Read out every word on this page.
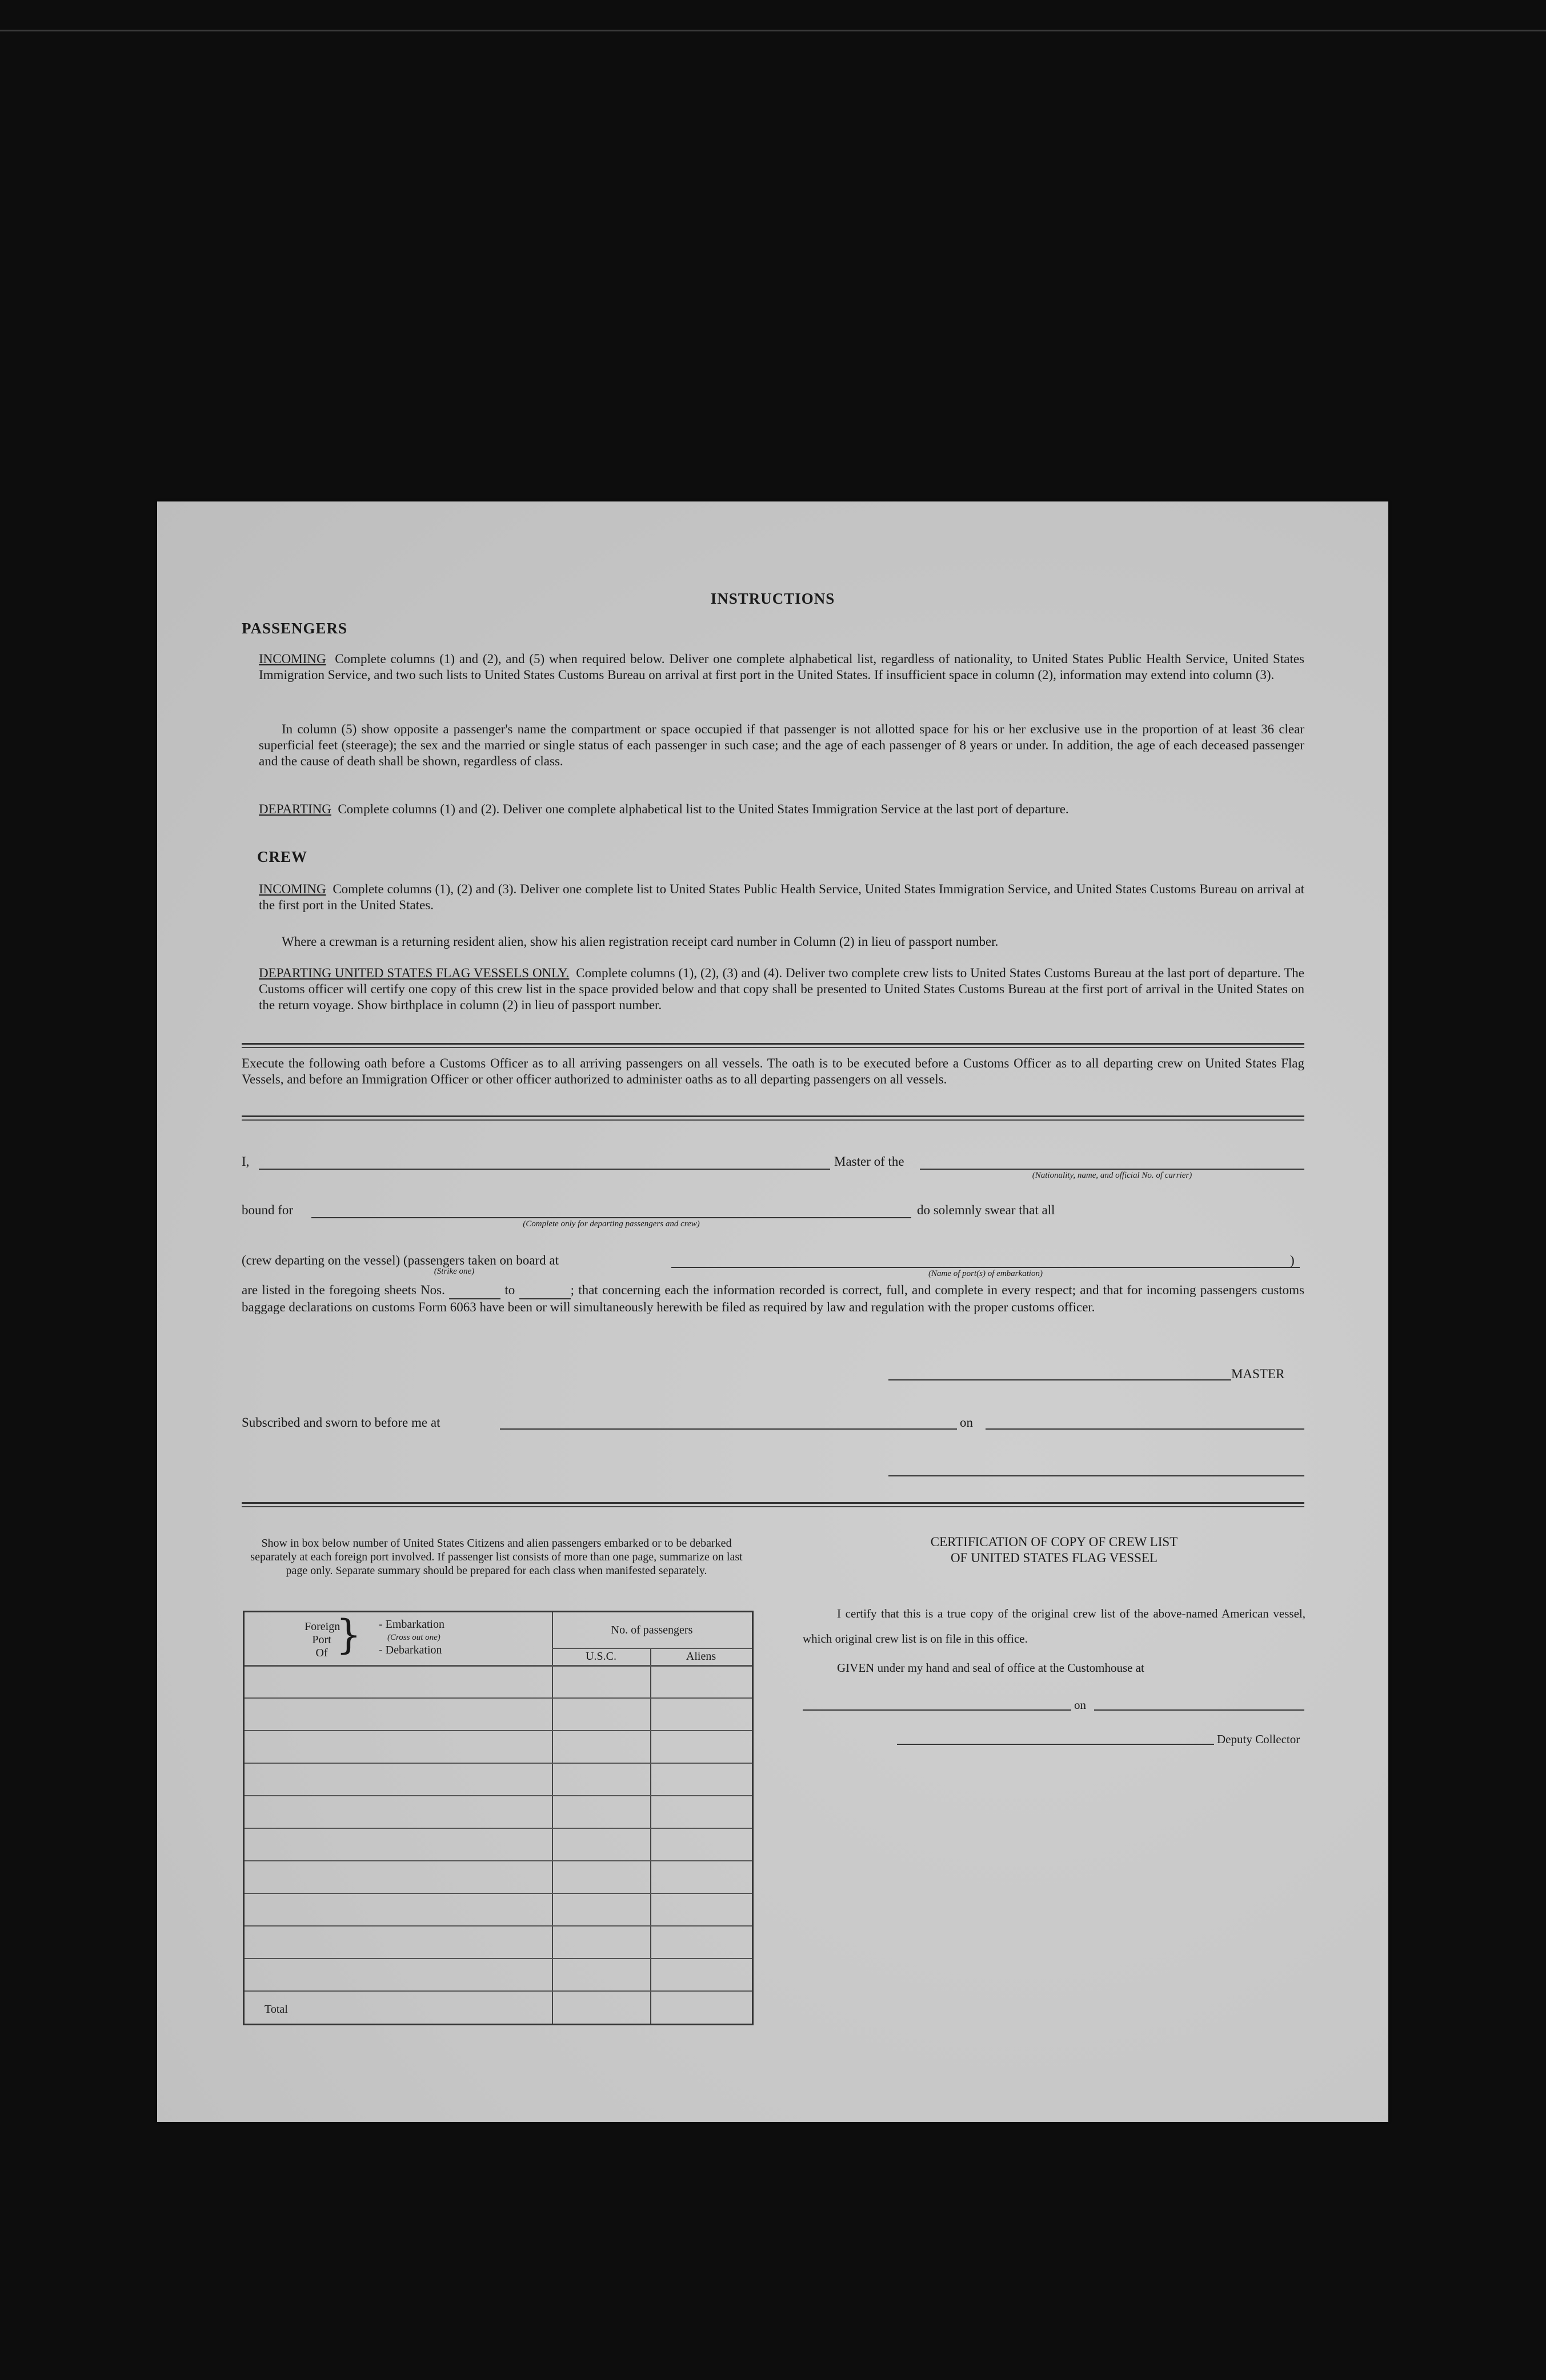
INSTRUCTIONS
PASSENGERS
INCOMING Complete columns (1) and (2), and (5) when required below. Deliver one complete alphabetical list, regardless of nationality, to United States Public Health Service, United States Immigration Service, and two such lists to United States Customs Bureau on arrival at first port in the United States. If insufficient space in column (2), information may extend into column (3).
In column (5) show opposite a passenger's name the compartment or space occupied if that passenger is not allotted space for his or her exclusive use in the proportion of at least 36 clear superficial feet (steerage); the sex and the married or single status of each passenger in such case; and the age of each passenger of 8 years or under. In addition, the age of each deceased passenger and the cause of death shall be shown, regardless of class.
DEPARTING Complete columns (1) and (2). Deliver one complete alphabetical list to the United States Immigration Service at the last port of departure.
CREW
INCOMING Complete columns (1), (2) and (3). Deliver one complete list to United States Public Health Service, United States Immigration Service, and United States Customs Bureau on arrival at the first port in the United States.
Where a crewman is a returning resident alien, show his alien registration receipt card number in Column (2) in lieu of passport number.
DEPARTING UNITED STATES FLAG VESSELS ONLY. Complete columns (1), (2), (3) and (4). Deliver two complete crew lists to United States Customs Bureau at the last port of departure. The Customs officer will certify one copy of this crew list in the space provided below and that copy shall be presented to United States Customs Bureau at the first port of arrival in the United States on the return voyage. Show birthplace in column (2) in lieu of passport number.
Execute the following oath before a Customs Officer as to all arriving passengers on all vessels. The oath is to be executed before a Customs Officer as to all departing crew on United States Flag Vessels, and before an Immigration Officer or other officer authorized to administer oaths as to all departing passengers on all vessels.
I,	Master of the
(Nationality, name, and official No. of carrier)
bound for
(Complete only for departing passengers and crew)
do solemnly swear that all
(crew departing on the vessel) (passengers taken on board at
(Strike one)	(Name of port(s) of embarkation)
)
are listed in the foregoing sheets Nos.	to	; that concerning each the information recorded is correct, full, and complete in every respect; and that for incoming passengers customs baggage declarations on customs Form 6063 have been or will simultaneously herewith be filed as required by law and regulation with the proper customs officer.
MASTER
Subscribed and sworn to before me at	on
Show in box below number of United States Citizens and alien passengers embarked or to be debarked separately at each foreign port involved. If passenger list consists of more than one page, summarize on last page only. Separate summary should be prepared for each class when manifested separately.
Foreign
Port
Of } - Embarkation
(Cross out one)
- Debarkation
No. of passengers
U.S.C.	Aliens
Total
CERTIFICATION OF COPY OF CREW LIST
OF UNITED STATES FLAG VESSEL
I certify that this is a true copy of the original crew list of the above-named American vessel, which original crew list is on file in this office.
GIVEN under my hand and seal of office at the Customhouse at
on
Deputy Collector
